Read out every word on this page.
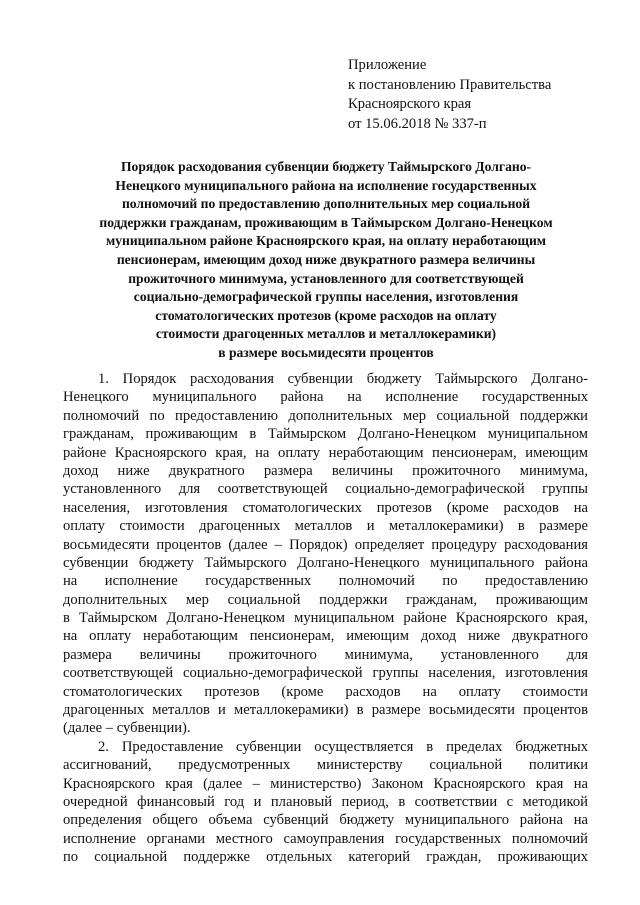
Приложение
к постановлению Правительства
Красноярского края
от 15.06.2018 № 337-п
Порядок расходования субвенции бюджету Таймырского Долгано-
Ненецкого муниципального района на исполнение государственных
полномочий по предоставлению дополнительных мер социальной
поддержки гражданам, проживающим в Таймырском Долгано-Ненецком
муниципальном районе Красноярского края, на оплату неработающим
пенсионерам, имеющим доход ниже двукратного размера величины
прожиточного минимума, установленного для соответствующей
социально-демографической группы населения, изготовления
стоматологических протезов (кроме расходов на оплату
стоимости драгоценных металлов и металлокерамики)
в размере восьмидесяти процентов
1. Порядок расходования субвенции бюджету Таймырского Долгано-
Ненецкого муниципального района на исполнение государственных
полномочий по предоставлению дополнительных мер социальной поддержки
гражданам, проживающим в Таймырском Долгано-Ненецком муниципальном
районе Красноярского края, на оплату неработающим пенсионерам, имеющим
доход ниже двукратного размера величины прожиточного минимума,
установленного для соответствующей социально-демографической группы
населения, изготовления стоматологических протезов (кроме расходов на
оплату стоимости драгоценных металлов и металлокерамики) в размере
восьмидесяти процентов (далее – Порядок) определяет процедуру расходования
субвенции бюджету Таймырского Долгано-Ненецкого муниципального района
на исполнение государственных полномочий по предоставлению
дополнительных мер социальной поддержки гражданам, проживающим
в Таймырском Долгано-Ненецком муниципальном районе Красноярского края,
на оплату неработающим пенсионерам, имеющим доход ниже двукратного
размера величины прожиточного минимума, установленного для
соответствующей социально-демографической группы населения, изготовления
стоматологических протезов (кроме расходов на оплату стоимости
драгоценных металлов и металлокерамики) в размере восьмидесяти процентов
(далее – субвенции).
2. Предоставление субвенции осуществляется в пределах бюджетных
ассигнований, предусмотренных министерству социальной политики
Красноярского края (далее – министерство) Законом Красноярского края на
очередной финансовый год и плановый период, в соответствии с методикой
определения общего объема субвенций бюджету муниципального района на
исполнение органами местного самоуправления государственных полномочий
по социальной поддержке отдельных категорий граждан, проживающих
